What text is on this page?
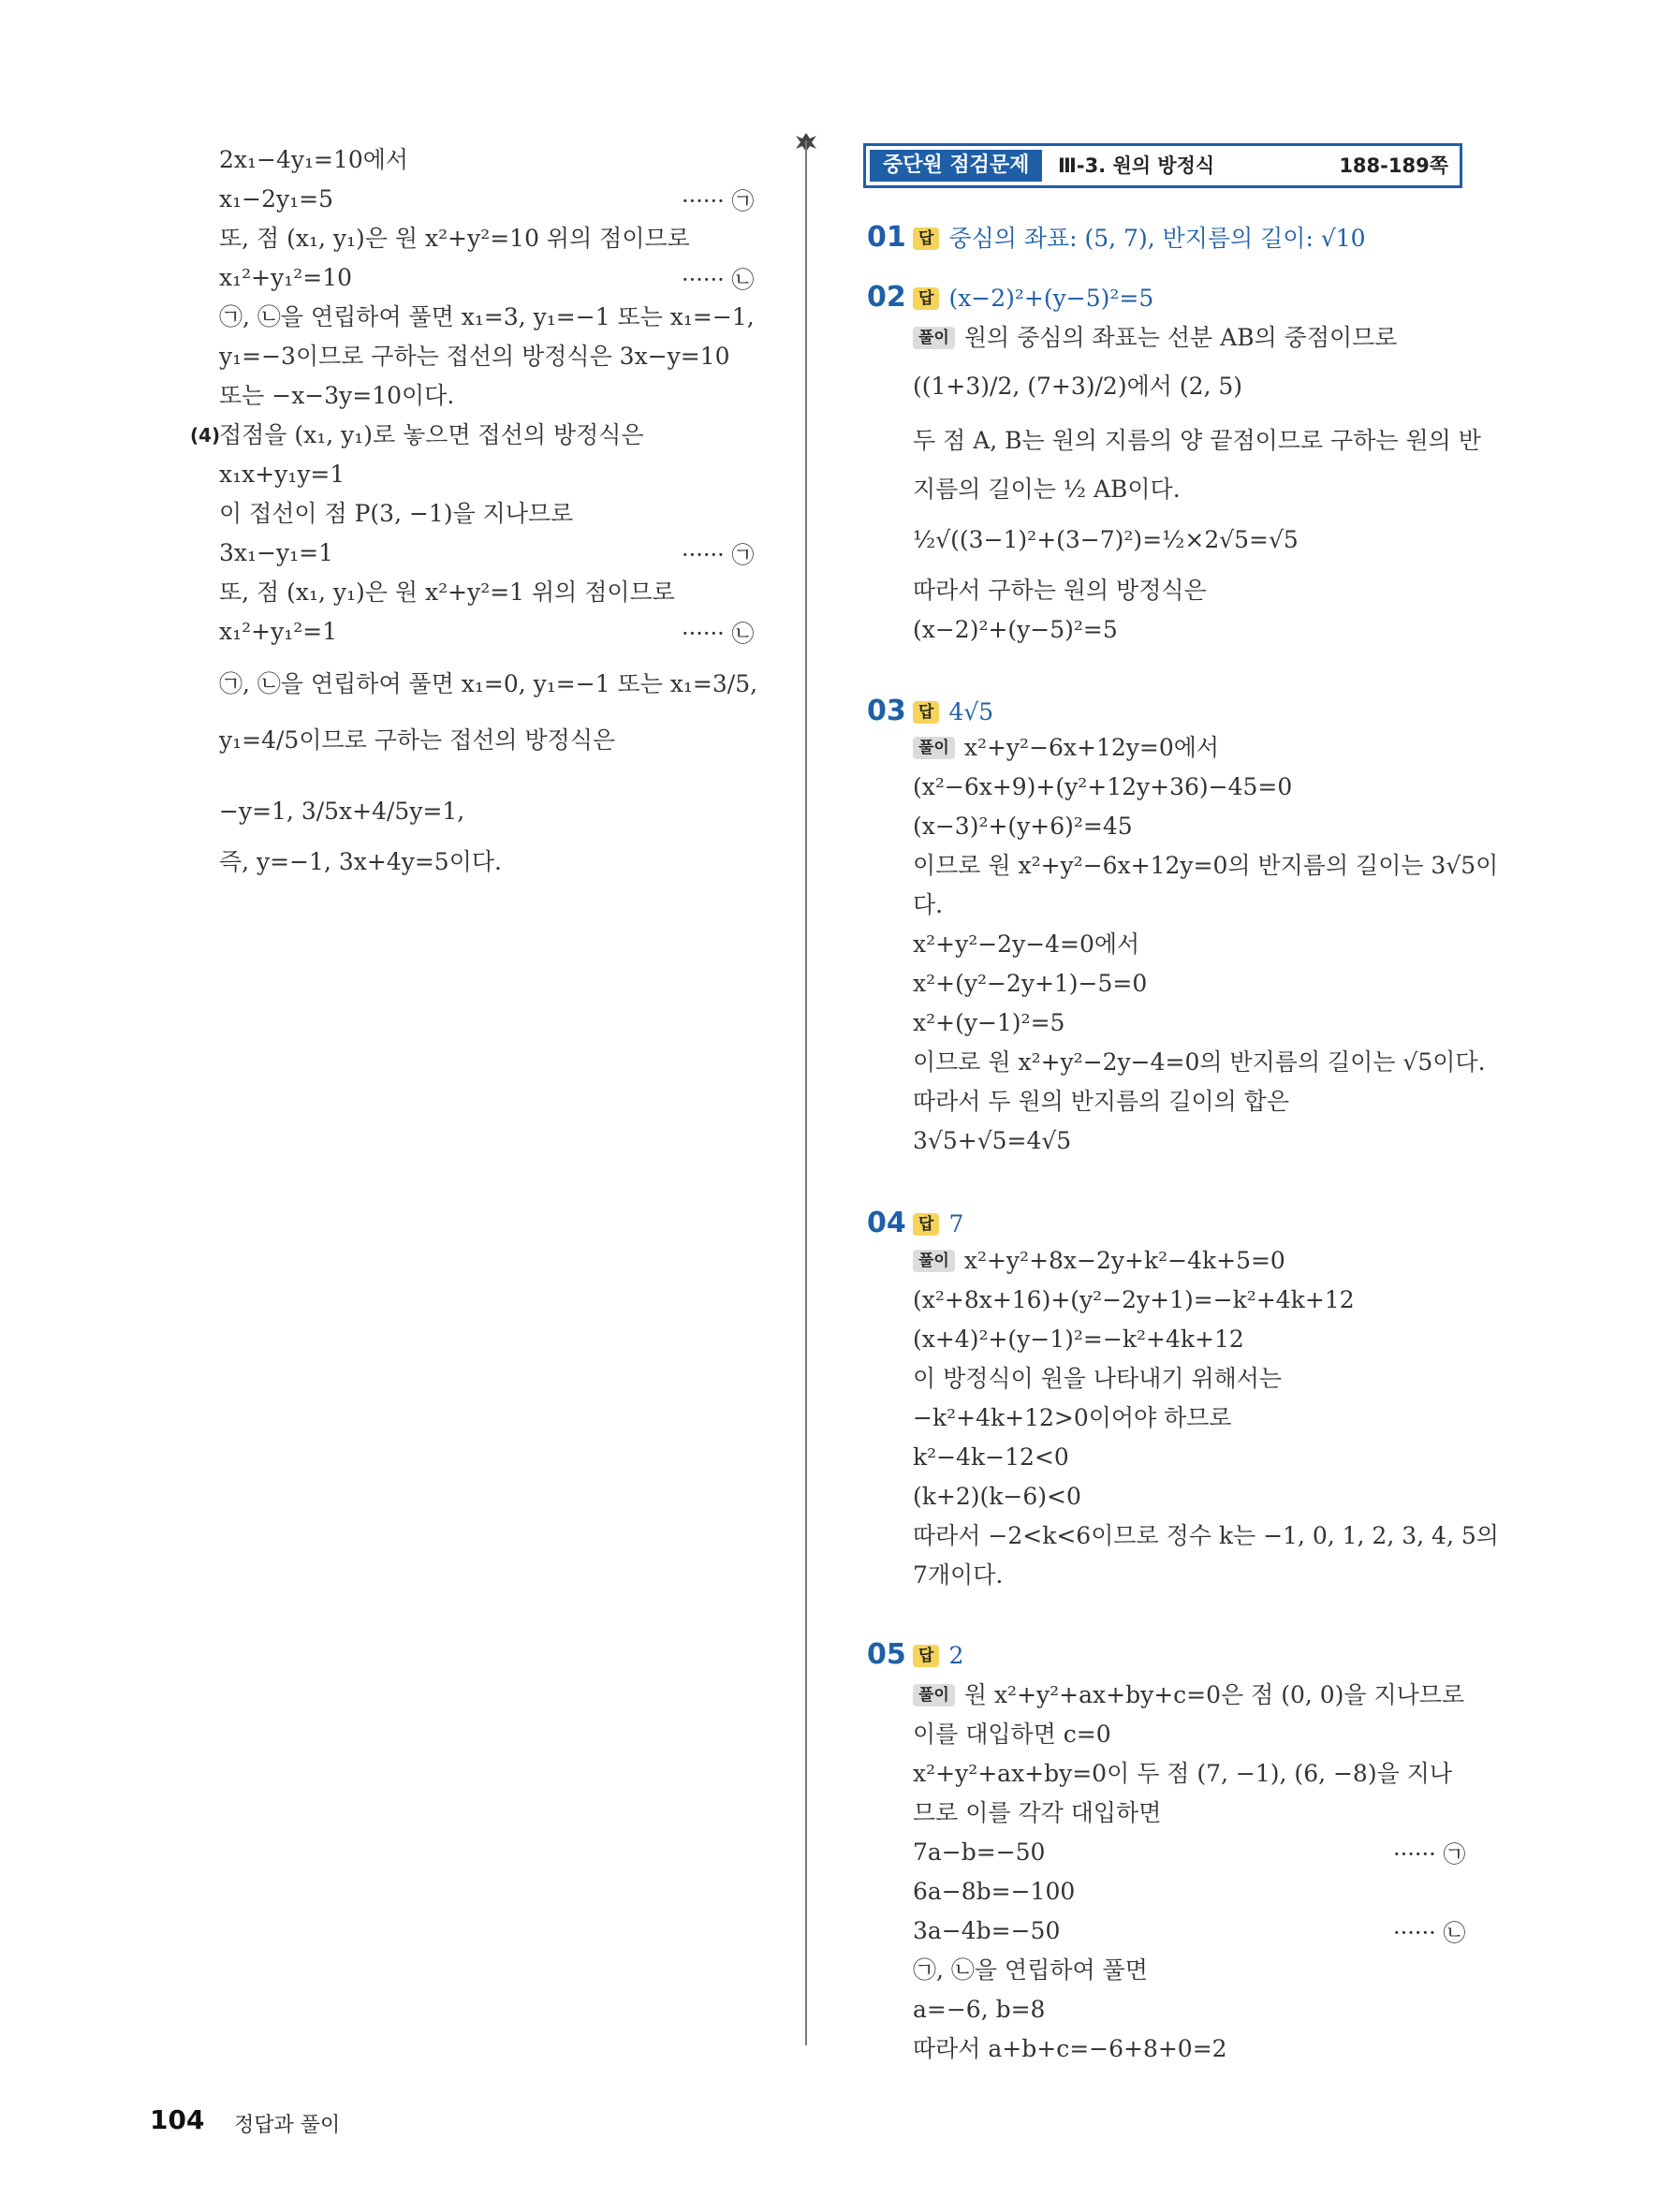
2x₁−4y₁=10에서
x₁−2y₁=5	······ ㉠
또, 점 (x₁, y₁)은 원 x²+y²=10 위의 점이므로
x₁²+y₁²=10	······ ㉡
㉠, ㉡을 연립하여 풀면 x₁=3, y₁=−1 또는 x₁=−1,
y₁=−3이므로 구하는 접선의 방정식은 3x−y=10
또는 −x−3y=10이다.
(4)
접점을 (x₁, y₁)로 놓으면 접선의 방정식은
x₁x+y₁y=1
이 접선이 점 P(3, −1)을 지나므로
3x₁−y₁=1	······ ㉠
또, 점 (x₁, y₁)은 원 x²+y²=1 위의 점이므로
x₁²+y₁²=1	······ ㉡
㉠, ㉡을 연립하여 풀면 x₁=0, y₁=−1 또는 x₁=3/5,
y₁=4/5이므로 구하는 접선의 방정식은
−y=1, 3/5x+4/5y=1,
즉, y=−1, 3x+4y=5이다.
중단원 점검문제	Ⅲ-3. 원의 방정식	188-189쪽
01 답 중심의 좌표: (5, 7), 반지름의 길이: √10
02 답 (x−2)²+(y−5)²=5
풀이 원의 중심의 좌표는 선분 AB의 중점이므로
((1+3)/2, (7+3)/2)에서 (2, 5)
두 점 A, B는 원의 지름의 양 끝점이므로 구하는 원의 반
지름의 길이는 ½ AB이다.
½√((3−1)²+(3−7)²)=½×2√5=√5
따라서 구하는 원의 방정식은
(x−2)²+(y−5)²=5
03 답 4√5
풀이 x²+y²−6x+12y=0에서
(x²−6x+9)+(y²+12y+36)−45=0
(x−3)²+(y+6)²=45
이므로 원 x²+y²−6x+12y=0의 반지름의 길이는 3√5이
다.
x²+y²−2y−4=0에서
x²+(y²−2y+1)−5=0
x²+(y−1)²=5
이므로 원 x²+y²−2y−4=0의 반지름의 길이는 √5이다.
따라서 두 원의 반지름의 길이의 합은
3√5+√5=4√5
04 답 7
풀이 x²+y²+8x−2y+k²−4k+5=0
(x²+8x+16)+(y²−2y+1)=−k²+4k+12
(x+4)²+(y−1)²=−k²+4k+12
이 방정식이 원을 나타내기 위해서는
−k²+4k+12>0이어야 하므로
k²−4k−12<0
(k+2)(k−6)<0
따라서 −2<k<6이므로 정수 k는 −1, 0, 1, 2, 3, 4, 5의
7개이다.
05 답 2
풀이 원 x²+y²+ax+by+c=0은 점 (0, 0)을 지나므로
이를 대입하면 c=0
x²+y²+ax+by=0이 두 점 (7, −1), (6, −8)을 지나
므로 이를 각각 대입하면
7a−b=−50	······ ㉠
6a−8b=−100
3a−4b=−50	······ ㉡
㉠, ㉡을 연립하여 풀면
a=−6, b=8
따라서 a+b+c=−6+8+0=2
104 정답과 풀이
